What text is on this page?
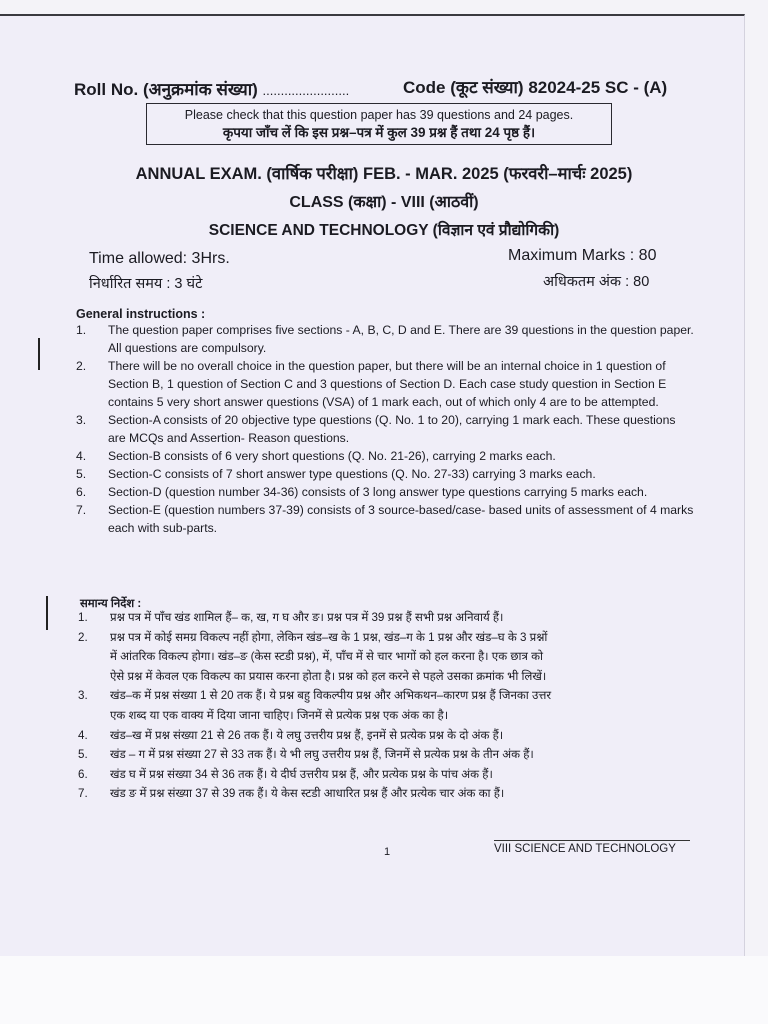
Roll No. (अनुक्रमांक संख्या) ........................	Code (कूट संख्या) 82024-25 SC - (A)
Please check that this question paper has 39 questions and 24 pages.
कृपया जाँच लें कि इस प्रश्न–पत्र में कुल 39 प्रश्न हैं तथा 24 पृष्ठ हैं।
ANNUAL EXAM. (वार्षिक परीक्षा) FEB. - MAR. 2025 (फरवरी–मार्चः 2025)
CLASS (कक्षा) - VIII (आठवीं)
SCIENCE AND TECHNOLOGY (विज्ञान एवं प्रौद्योगिकी)
Time allowed: 3Hrs.
निर्धारित समय : 3 घंटे
Maximum Marks : 80
अधिकतम अंक : 80
General instructions :
1. The question paper comprises five sections - A, B, C, D and E. There are 39 questions in the question paper. All questions are compulsory.
2. There will be no overall choice in the question paper, but there will be an internal choice in 1 question of Section B, 1 question of Section C and 3 questions of Section D. Each case study question in Section E contains 5 very short answer questions (VSA) of 1 mark each, out of which only 4 are to be attempted.
3. Section-A consists of 20 objective type questions (Q. No. 1 to 20), carrying 1 mark each. These questions are MCQs and Assertion- Reason questions.
4. Section-B consists of 6 very short questions (Q. No. 21-26), carrying 2 marks each.
5. Section-C consists of 7 short answer type questions (Q. No. 27-33) carrying 3 marks each.
6. Section-D (question number 34-36) consists of 3 long answer type questions carrying 5 marks each.
7. Section-E (question numbers 37-39) consists of 3 source-based/case- based units of assessment of 4 marks each with sub-parts.
समान्य निर्देश :
1. प्रश्न पत्र में पाँच खंड शामिल हैं– क, ख, ग घ और ङ। प्रश्न पत्र में 39 प्रश्न हैं सभी प्रश्न अनिवार्य हैं।
2. प्रश्न पत्र में कोई समग्र विकल्प नहीं होगा, लेकिन खंड–ख के 1 प्रश्न, खंड–ग के 1 प्रश्न और खंड–घ के 3 प्रश्नों
में आंतरिक विकल्प होगा। खंड–ङ (केस स्टडी प्रश्न), में, पाँच में से चार भागों को हल करना है। एक छात्र को
ऐसे प्रश्न में केवल एक विकल्प का प्रयास करना होता है। प्रश्न को हल करने से पहले उसका क्रमांक भी लिखें।
3. खंड–क में प्रश्न संख्या 1 से 20 तक हैं। ये प्रश्न बहु विकल्पीय प्रश्न और अभिकथन–कारण प्रश्न हैं जिनका उत्तर
एक शब्द या एक वाक्य में दिया जाना चाहिए। जिनमें से प्रत्येक प्रश्न एक अंक का है।
4. खंड–ख में प्रश्न संख्या 21 से 26 तक हैं। ये लघु उत्तरीय प्रश्न हैं, इनमें से प्रत्येक प्रश्न के दो अंक हैं।
5. खंड – ग में प्रश्न संख्या 27 से 33 तक हैं। ये भी लघु उत्तरीय प्रश्न हैं, जिनमें से प्रत्येक प्रश्न के तीन अंक हैं।
6. खंड घ में प्रश्न संख्या 34 से 36 तक हैं। ये दीर्घ उत्तरीय प्रश्न हैं, और प्रत्येक प्रश्न के पांच अंक हैं।
7. खंड ङ में प्रश्न संख्या 37 से 39 तक हैं। ये केस स्टडी आधारित प्रश्न हैं और प्रत्येक चार अंक का हैं।
1	VIII SCIENCE AND TECHNOLOGY
